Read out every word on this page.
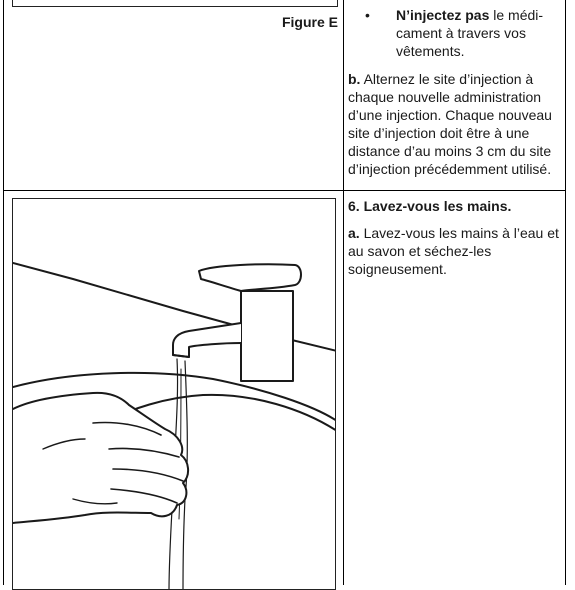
Figure E • N’injectez pas le médi-cament à travers vos vêtements.
b. Alternez le site d’injection à chaque nouvelle administration d’une injection. Chaque nouveau site d’injection doit être à une distance d’au moins 3 cm du site d’injection précédemment utilisé.
6. Lavez-vous les mains.
a. Lavez-vous les mains à l’eau et au savon et séchez-les soigneusement.
